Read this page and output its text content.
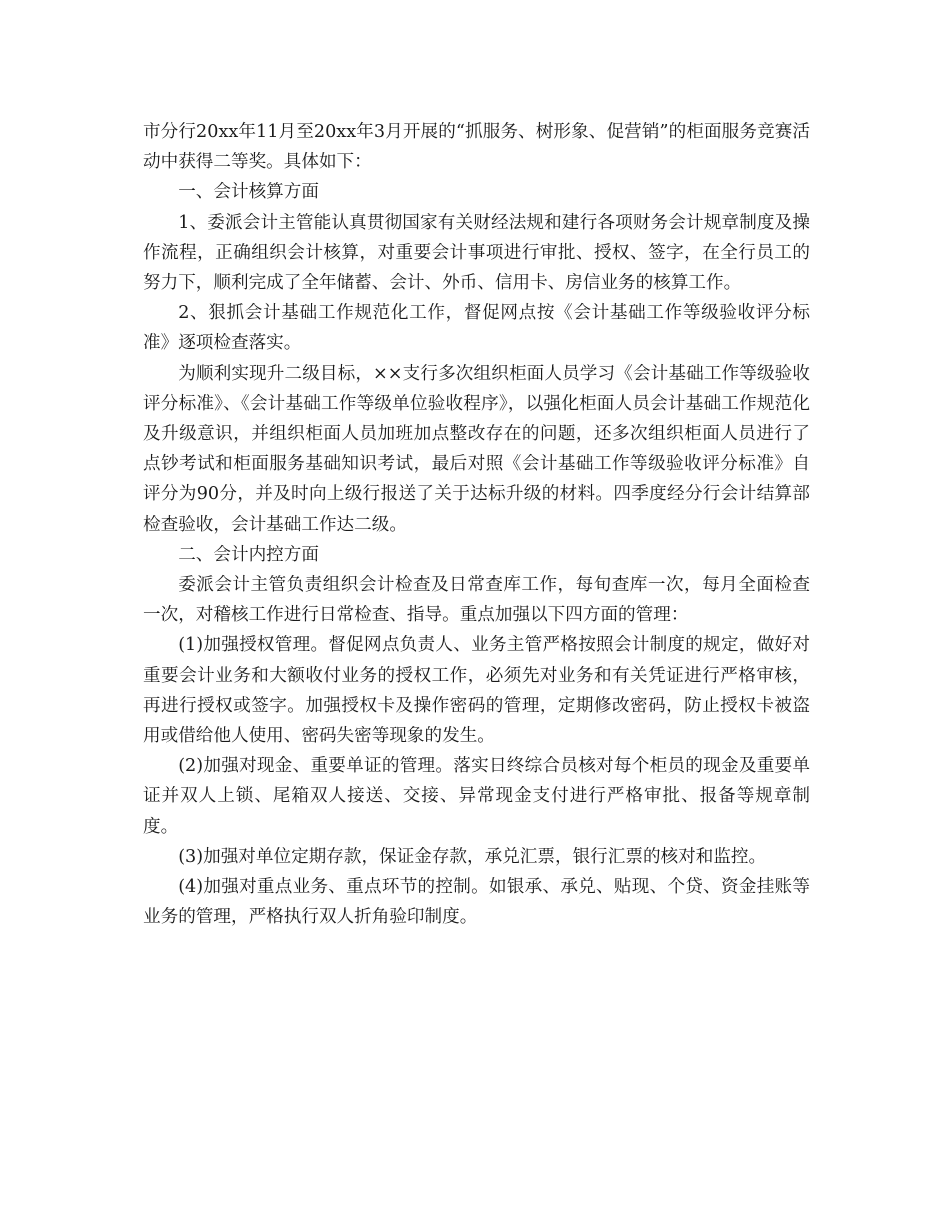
市分行20xx年11月至20xx年3月开展的“抓服务、树形象、促营销”的柜面服务竞赛活动中获得二等奖。具体如下：

一、会计核算方面

1、委派会计主管能认真贯彻国家有关财经法规和建行各项财务会计规章制度及操作流程，正确组织会计核算，对重要会计事项进行审批、授权、签字，在全行员工的努力下，顺利完成了全年储蓄、会计、外币、信用卡、房信业务的核算工作。

2、狠抓会计基础工作规范化工作，督促网点按《会计基础工作等级验收评分标准》逐项检查落实。

为顺利实现升二级目标，××支行多次组织柜面人员学习《会计基础工作等级验收评分标准》、《会计基础工作等级单位验收程序》，以强化柜面人员会计基础工作规范化及升级意识，并组织柜面人员加班加点整改存在的问题，还多次组织柜面人员进行了点钞考试和柜面服务基础知识考试，最后对照《会计基础工作等级验收评分标准》自评分为90分，并及时向上级行报送了关于达标升级的材料。四季度经分行会计结算部检查验收，会计基础工作达二级。

二、会计内控方面

委派会计主管负责组织会计检查及日常查库工作，每旬查库一次，每月全面检查一次，对稽核工作进行日常检查、指导。重点加强以下四方面的管理：

(1)加强授权管理。督促网点负责人、业务主管严格按照会计制度的规定，做好对重要会计业务和大额收付业务的授权工作，必须先对业务和有关凭证进行严格审核，再进行授权或签字。加强授权卡及操作密码的管理，定期修改密码，防止授权卡被盗用或借给他人使用、密码失密等现象的发生。

(2)加强对现金、重要单证的管理。落实日终综合员核对每个柜员的现金及重要单证并双人上锁、尾箱双人接送、交接、异常现金支付进行严格审批、报备等规章制度。

(3)加强对单位定期存款，保证金存款，承兑汇票，银行汇票的核对和监控。

(4)加强对重点业务、重点环节的控制。如银承、承兑、贴现、个贷、资金挂账等业务的管理，严格执行双人折角验印制度。
